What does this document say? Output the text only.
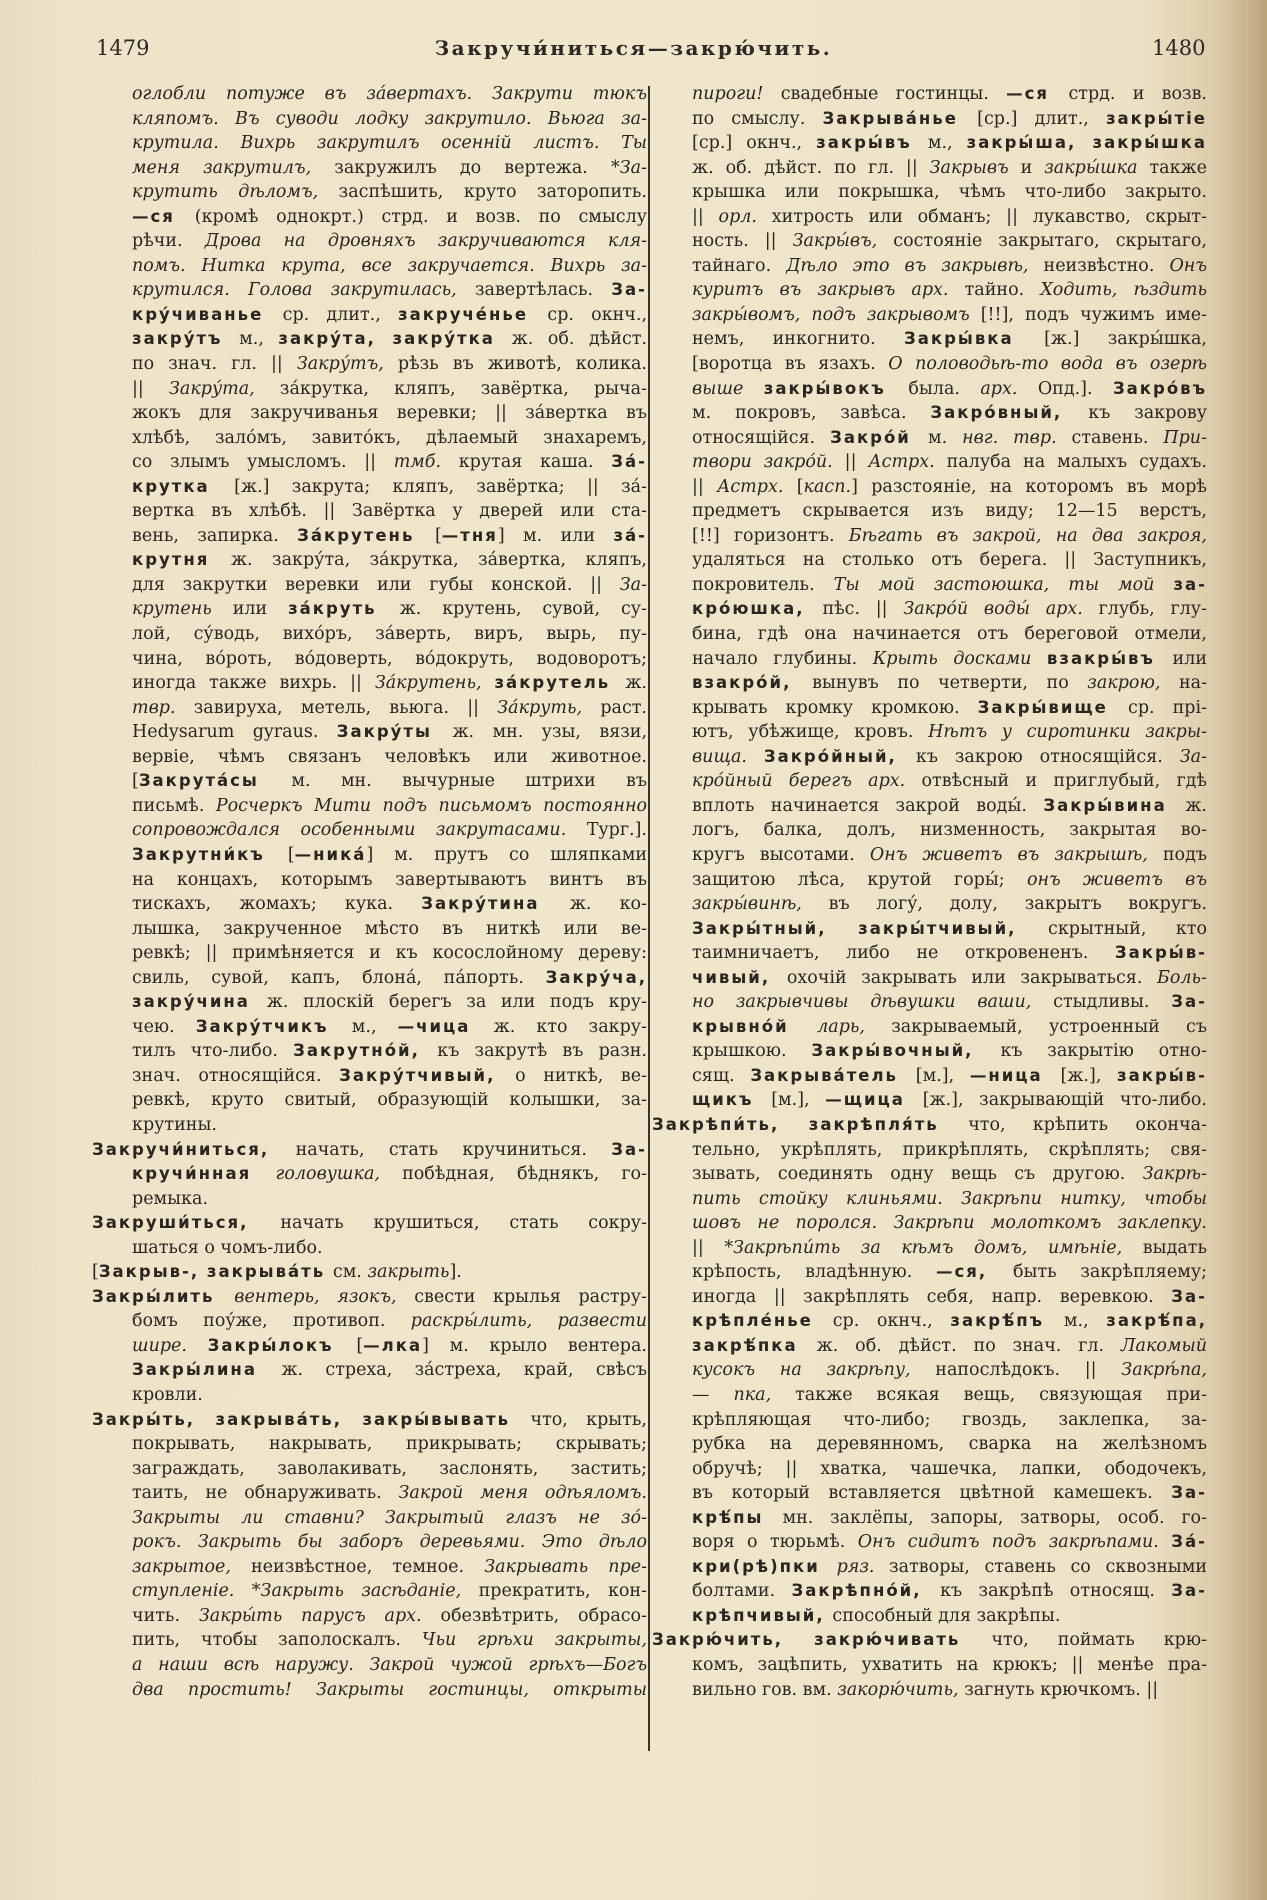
1479	Закручи́ниться—закрю́чить.	1480
оглобли потуже въ за́вертахъ. Закрути тюкъ
кляпомъ. Въ суводи лодку закрутило. Вьюга за-
крутила. Вихрь закрутилъ осенній листъ. Ты
меня закрутилъ, закружилъ до вертежа. *За-
крутить дѣломъ, заспѣшить, круто заторопить.
—ся (кромѣ однокрт.) стрд. и возв. по смыслу
рѣчи. Дрова на дровняхъ закручиваются кля-
помъ. Нитка крута, все закручается. Вихрь за-
крутился. Голова закрутилась, завертѣлась. За-
кру́чиванье ср. длит., закруче́нье ср. окнч.,
закру́тъ м., закру́та, закру́тка ж. об. дѣйст.
по знач. гл. || Закру́тъ, рѣзь въ животѣ, колика.
|| Закру́та, за́крутка, кляпъ, завёртка, рыча-
жокъ для закручиванья веревки; || за́вертка въ
хлѣбѣ, зало́мъ, завито́къ, дѣлаемый знахаремъ,
со злымъ умысломъ. || тмб. крутая каша. За́-
крутка [ж.] закрута; кляпъ, завёртка; || за́-
вертка въ хлѣбѣ. || Завёртка у дверей или ста-
вень, запирка. За́крутень [—тня] м. или за́-
крутня ж. закру́та, за́крутка, за́вертка, кляпъ,
для закрутки веревки или губы конской. || За-
крутень или за́круть ж. крутень, сувой, су-
лой, су́водь, вихо́ръ, за́верть, виръ, вырь, пу-
чина, во́роть, во́доверть, во́докруть, водоворотъ;
иногда также вихрь. || За́крутень, за́крутель ж.
твр. завируха, метель, вьюга. || За́круть, раст.
Hedysarum gyraus. Закру́ты ж. мн. узы, вязи,
вервіе, чѣмъ связанъ человѣкъ или животное.
[Закрута́сы м. мн. вычурные штрихи въ
письмѣ. Росчеркъ Мити подъ письмомъ постоянно
сопровождался особенными закрутасами. Тург.].
Закрутни́къ [—ника́] м. прутъ со шляпками
на концахъ, которымъ завертываютъ винтъ въ
тискахъ, жомахъ; кука. Закру́тина ж. ко-
лышка, закрученное мѣсто въ ниткѣ или ве-
ревкѣ; || примѣняется и къ косослойному дереву:
свиль, сувой, капъ, блона́, па́порть. Закру́ча,
закру́чина ж. плоскій берегъ за или подъ кру-
чею. Закру́тчикъ м., —чица ж. кто закру-
тилъ что-либо. Закрутно́й, къ закрутѣ въ разн.
знач. относящійся. Закру́тчивый, о ниткѣ, ве-
ревкѣ, круто свитый, образующій колышки, за-
крутины.
Закручи́ниться, начать, стать кручиниться. За-
кручи́нная головушка, побѣдная, бѣднякъ, го-
ремыка.
Закруши́ться, начать крушиться, стать сокру-
шаться о чомъ-либо.
[Закрыв-, закрыва́ть см. закрыть].
Закры́лить вентерь, язокъ, свести крылья растру-
бомъ поу́же, противоп. раскры́лить, развести
шире. Закры́локъ [—лка] м. крыло вентера.
Закры́лина ж. стреха, за́стреха, край, свѣсъ
кровли.
Закры́ть, закрыва́ть, закры́вывать что, крыть,
покрывать, накрывать, прикрывать; скрывать;
заграждать, заволакивать, заслонять, застить;
таить, не обнаруживать. Закрой меня одѣяломъ.
Закрыты ли ставни? Закрытый глазъ не зо́-
рокъ. Закрыть бы заборъ деревьями. Это дѣло
закрытое, неизвѣстное, темное. Закрывать пре-
ступленіе. *Закрыть засѣданіе, прекратить, кон-
чить. Закры́ть парусъ арх. обезвѣтрить, обрасо-
пить, чтобы заполоскалъ. Чьи грѣхи закрыты,
а наши всѣ наружу. Закрой чужой грѣхъ—Богъ
два простить! Закрыты гостинцы, открыты
пироги! свадебные гостинцы. —ся стрд. и возв.
по смыслу. Закрыва́нье [ср.] длит., закры́тіе
[ср.] окнч., закры́въ м., закры́ша, закры́шка
ж. об. дѣйст. по гл. || Закрывъ и закры́шка также
крышка или покрышка, чѣмъ что-либо закрыто.
|| орл. хитрость или обманъ; || лукавство, скрыт-
ность. || Закры́въ, состояніе закрытаго, скрытаго,
тайнаго. Дѣло это въ закрывѣ, неизвѣстно. Онъ
куритъ въ закрывъ арх. тайно. Ходить, ѣздить
закры́вомъ, подъ закрывомъ [!!], подъ чужимъ име-
немъ, инкогнито. Закры́вка [ж.] закры́шка,
[воротца въ язахъ. О половодьѣ-то вода въ озерѣ
выше закры́вокъ была. арх. Опд.]. Закро́въ
м. покровъ, завѣса. Закро́вный, къ закрову
относящійся. Закро́й м. нвг. твр. ставень. При-
твори закро́й. || Астрх. палуба на малыхъ судахъ.
|| Астрх. [касп.] разстояніе, на которомъ въ морѣ
предметъ скрывается изъ виду; 12—15 верстъ,
[!!] горизонтъ. Бѣгать въ закрой, на два закроя,
удаляться на столько отъ берега. || Заступникъ,
покровитель. Ты мой застоюшка, ты мой за-
кро́юшка, пѣс. || Закро́й воды́ арх. глубь, глу-
бина, гдѣ она начинается отъ береговой отмели,
начало глубины. Крыть досками взакры́въ или
взакро́й, вынувъ по четверти, по закрою, на-
крывать кромку кромкою. Закры́вище ср. прі-
ютъ, убѣжище, кровъ. Нѣтъ у сиротинки закры-
вища. Закро́йный, къ закрою относящійся. За-
кро́йный берегъ арх. отвѣсный и приглубый, гдѣ
вплоть начинается закрой воды́. Закры́вина ж.
логъ, балка, долъ, низменность, закрытая во-
кругъ высотами. Онъ живетъ въ закрышѣ, подъ
защитою лѣса, крутой горы́; онъ живетъ въ
закры́винѣ, въ логу́, долу, закрытъ вокругъ.
Закры́тный, закры́тчивый, скрытный, кто
таимничаетъ, либо не откровененъ. Закры́в-
чивый, охочій закрывать или закрываться. Боль-
но закрывчивы дѣвушки ваши, стыдливы. За-
крывно́й ларь, закрываемый, устроенный съ
крышкою. Закры́вочный, къ закрытію отно-
сящ. Закрыва́тель [м.], —ница [ж.], закры́в-
щикъ [м.], —щица [ж.], закрывающій что-либо.
Закрѣпи́ть, закрѣпля́ть что, крѣпить окончa-
тельно, укрѣплять, прикрѣплять, скрѣплять; свя-
зывать, соединять одну вещь съ другою. Закрѣ-
пить стойку клиньями. Закрѣпи нитку, чтобы
шовъ не поролся. Закрѣпи молоткомъ заклепку.
|| *Закрѣпи́ть за кѣмъ домъ, имѣніе, выдать
крѣпость, владѣнную. —ся, быть закрѣпляему;
иногда || закрѣплять себя, напр. веревкою. За-
крѣпле́нье ср. окнч., закрѣ́пъ м., закрѣ́па,
закрѣ́пка ж. об. дѣйст. по знач. гл. Лакомый
кусокъ на закрѣпу, напослѣдокъ. || Закрѣ́па,
— пка, также всякая вещь, связующая при-
крѣпляющая что-либо; гвоздь, заклепка, за-
рубка на деревянномъ, сварка на желѣзномъ
обручѣ; || хватка, чашечка, лапки, ободочекъ,
въ который вставляется цвѣтной камешекъ. За-
крѣ́пы мн. заклёпы, запоры, затворы, особ. го-
воря о тюрьмѣ. Онъ сидитъ подъ закрѣпами. За́-
кри(рѣ)пки ряз. затворы, ставень со сквозными
болтами. Закрѣпно́й, къ закрѣпѣ относящ. За-
крѣпчивый, способный для закрѣпы.
Закрю́чить, закрю́чивать что, поймать крю-
комъ, зацѣпить, ухватить на крюкъ; || менѣе пра-
вильно гов. вм. закорю́чить, загнуть крючкомъ. ||
